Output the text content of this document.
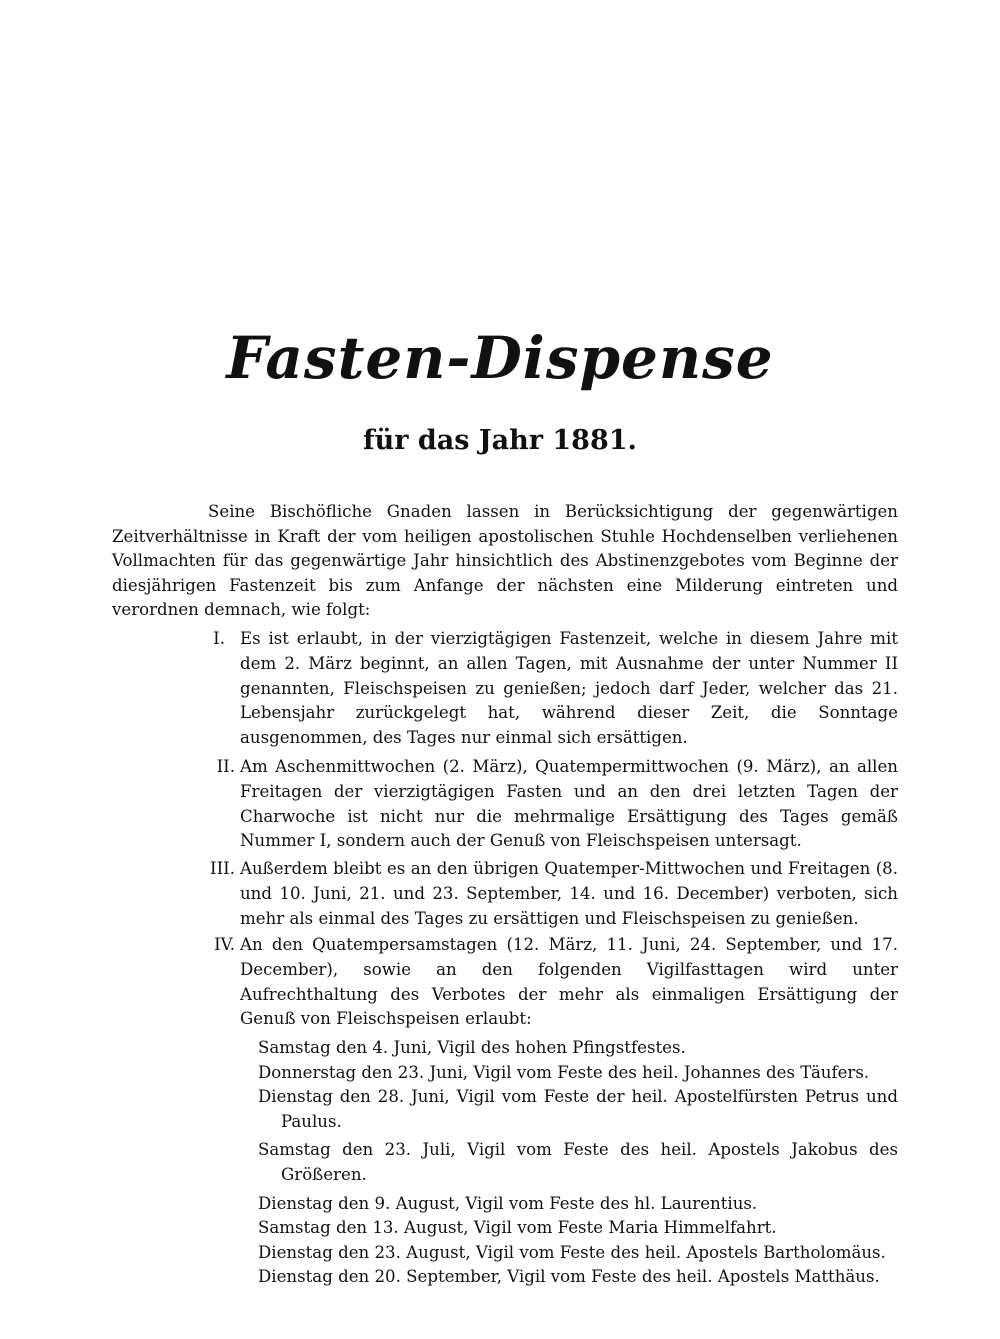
Fasten-Dispense
für das Jahr 1881.
Seine Bischöfliche Gnaden lassen in Berücksichtigung der gegenwärtigen Zeitverhältnisse in Kraft der vom heiligen apostolischen Stuhle Hochdenselben verliehenen Vollmachten für das gegenwärtige Jahr hinsichtlich des Abstinenzgebotes vom Beginne der diesjährigen Fastenzeit bis zum Anfange der nächsten eine Milderung eintreten und verordnen demnach, wie folgt:
I. Es ist erlaubt, in der vierzigtägigen Fastenzeit, welche in diesem Jahre mit dem 2. März beginnt, an allen Tagen, mit Ausnahme der unter Nummer II genannten, Fleischspeisen zu genießen; jedoch darf Jeder, welcher das 21. Lebensjahr zurückgelegt hat, während dieser Zeit, die Sonntage ausgenommen, des Tages nur einmal sich ersättigen.
II. Am Aschenmittwochen (2. März), Quatempermittwochen (9. März), an allen Freitagen der vierzigtägigen Fasten und an den drei letzten Tagen der Charwoche ist nicht nur die mehrmalige Ersättigung des Tages gemäß Nummer I, sondern auch der Genuß von Fleischspeisen untersagt.
III. Außerdem bleibt es an den übrigen Quatemper-Mittwochen und Freitagen (8. und 10. Juni, 21. und 23. September, 14. und 16. December) verboten, sich mehr als einmal des Tages zu ersättigen und Fleischspeisen zu genießen.
IV. An den Quatempersamstagen (12. März, 11. Juni, 24. September, und 17. December), sowie an den folgenden Vigilfasttagen wird unter Aufrechthaltung des Verbotes der mehr als einmaligen Ersättigung der Genuß von Fleischspeisen erlaubt:
Samstag den 4. Juni, Vigil des hohen Pfingstfestes.
Donnerstag den 23. Juni, Vigil vom Feste des heil. Johannes des Täufers.
Dienstag den 28. Juni, Vigil vom Feste der heil. Apostelfürsten Petrus und Paulus.
Samstag den 23. Juli, Vigil vom Feste des heil. Apostels Jakobus des Größeren.
Dienstag den 9. August, Vigil vom Feste des hl. Laurentius.
Samstag den 13. August, Vigil vom Feste Maria Himmelfahrt.
Dienstag den 23. August, Vigil vom Feste des heil. Apostels Bartholomäus.
Dienstag den 20. September, Vigil vom Feste des heil. Apostels Matthäus.
